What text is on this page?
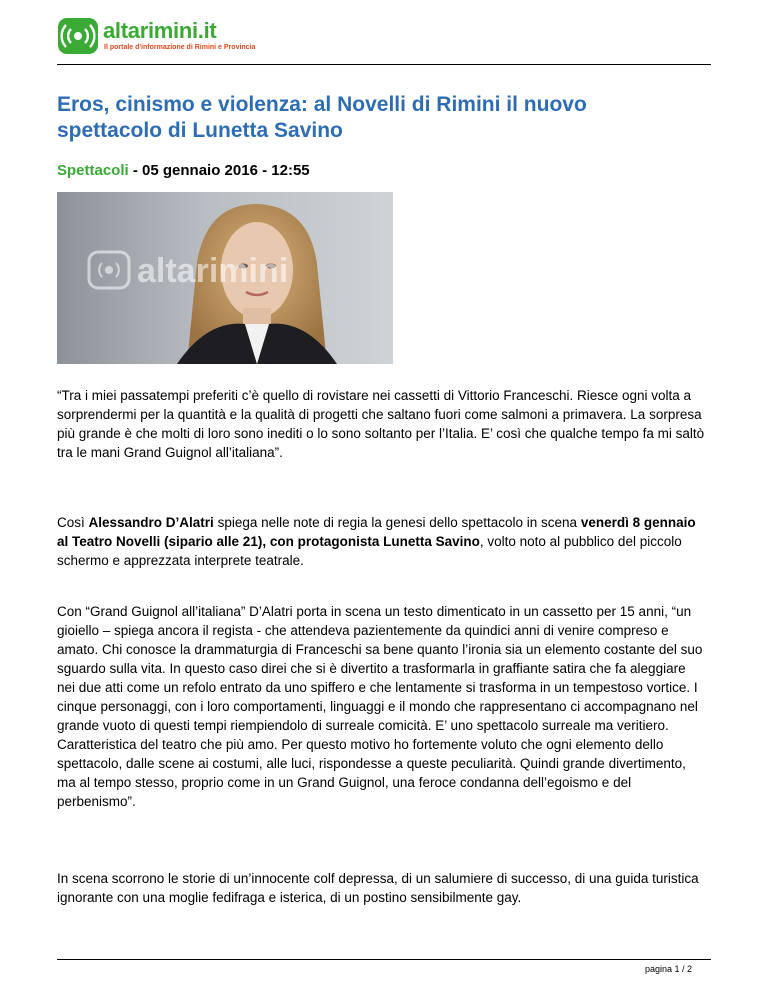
altarimini.it
Il portale d'informazione di Rimini e Provincia
Eros, cinismo e violenza: al Novelli di Rimini il nuovo spettacolo di Lunetta Savino

Spettacoli - 05 gennaio 2016 - 12:55

altarimini

“Tra i miei passatempi preferiti c’è quello di rovistare nei cassetti di Vittorio Franceschi. Riesce ogni volta a sorprendermi per la quantità e la qualità di progetti che saltano fuori come salmoni a primavera. La sorpresa più grande è che molti di loro sono inediti o lo sono soltanto per l’Italia. E’ così che qualche tempo fa mi saltò tra le mani Grand Guignol all’italiana”.

Così Alessandro D’Alatri spiega nelle note di regia la genesi dello spettacolo in scena venerdì 8 gennaio al Teatro Novelli (sipario alle 21), con protagonista Lunetta Savino, volto noto al pubblico del piccolo schermo e apprezzata interprete teatrale.

Con “Grand Guignol all’italiana” D’Alatri porta in scena un testo dimenticato in un cassetto per 15 anni, “un gioiello – spiega ancora il regista - che attendeva pazientemente da quindici anni di venire compreso e amato. Chi conosce la drammaturgia di Franceschi sa bene quanto l’ironia sia un elemento costante del suo sguardo sulla vita. In questo caso direi che si è divertito a trasformarla in graffiante satira che fa aleggiare nei due atti come un refolo entrato da uno spiffero e che lentamente si trasforma in un tempestoso vortice. I cinque personaggi, con i loro comportamenti, linguaggi e il mondo che rappresentano ci accompagnano nel grande vuoto di questi tempi riempiendolo di surreale comicità. E’ uno spettacolo surreale ma veritiero. Caratteristica del teatro che più amo. Per questo motivo ho fortemente voluto che ogni elemento dello spettacolo, dalle scene ai costumi, alle luci, rispondesse a queste peculiarità. Quindi grande divertimento, ma al tempo stesso, proprio come in un Grand Guignol, una feroce condanna dell’egoismo e del perbenismo”.

In scena scorrono le storie di un’innocente colf depressa, di un salumiere di successo, di una guida turistica ignorante con una moglie fedifraga e isterica, di un postino sensibilmente gay.

pagina 1 / 2
